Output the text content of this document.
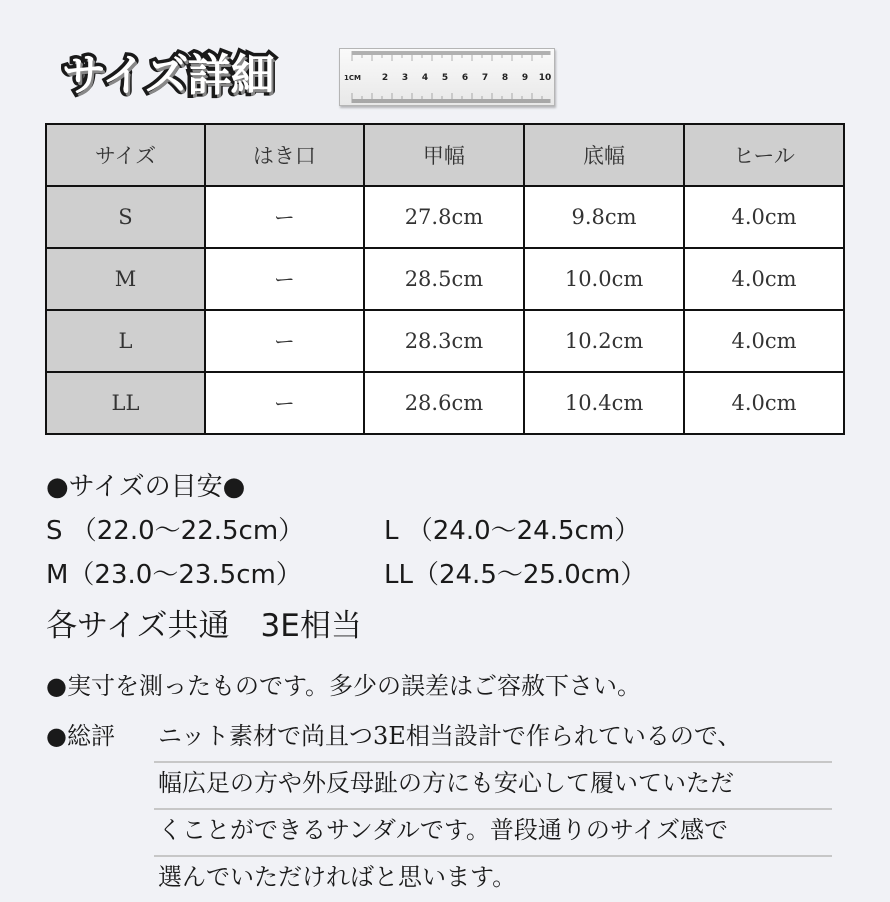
サイズ詳細	1CM 2 3 4 5 6 7 8 9 10
サイズ	はき口	甲幅	底幅	ヒール
S	ー	27.8cm	9.8cm	4.0cm
M	ー	28.5cm	10.0cm	4.0cm
L	ー	28.3cm	10.2cm	4.0cm
LL	ー	28.6cm	10.4cm	4.0cm
●サイズの目安●
S （22.0～22.5cm）	L （24.0～24.5cm）
M（23.0～23.5cm）	LL（24.5～25.0cm）
各サイズ共通　3E相当
●実寸を測ったものです。多少の誤差はご容赦下さい。
●総評 ニット素材で尚且つ3E相当設計で作られているので、
幅広足の方や外反母趾の方にも安心して履いていただ
くことができるサンダルです。普段通りのサイズ感で
選んでいただければと思います。
